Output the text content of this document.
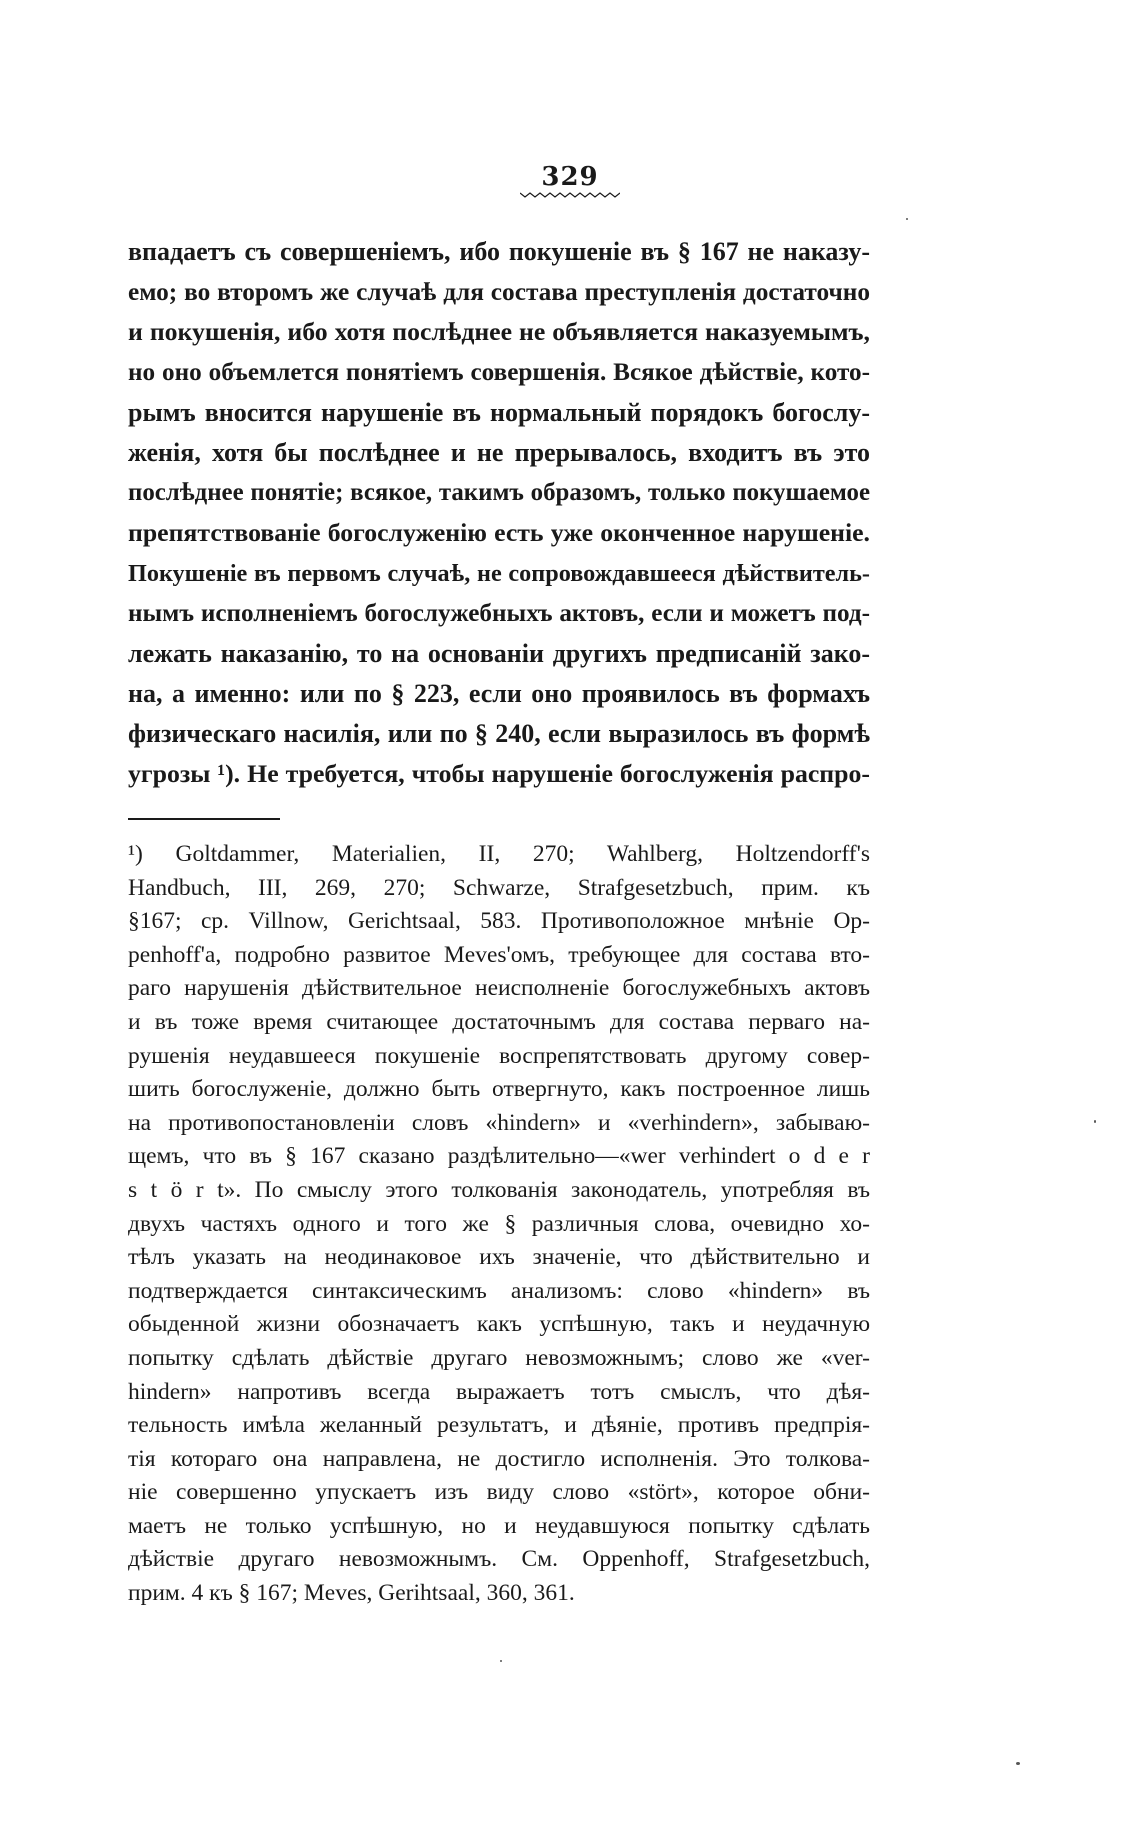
329
впадаетъ съ совершеніемъ, ибо покушеніе въ § 167 не наказу-
емо; во второмъ же случаѣ для состава преступленія достаточно
и покушенія, ибо хотя послѣднее не объявляется наказуемымъ,
но оно объемлется понятіемъ совершенія. Всякое дѣйствіе, кото-
рымъ вносится нарушеніе въ нормальный порядокъ богослу-
женія, хотя бы послѣднее и не прерывалось, входитъ въ это
послѣднее понятіе; всякое, такимъ образомъ, только покушаемое
препятствованіе богослуженію есть уже оконченное нарушеніе.
Покушеніе въ первомъ случаѣ, не сопровождавшееся дѣйствитель-
нымъ исполненіемъ богослужебныхъ актовъ, если и можетъ под-
лежать наказанію, то на основаніи другихъ предписаній зако-
на, а именно: или по § 223, если оно проявилось въ формахъ
физическаго насилія, или по § 240, если выразилось въ формѣ
угрозы ¹). Не требуется, чтобы нарушеніе богослуженія распро-
¹) Goltdammer, Materialien, II, 270; Wahlberg, Holtzendorff's
Handbuch, III, 269, 270; Schwarze, Strafgesetzbuch, прим. къ
§167; ср. Villnow, Gerichtsaal, 583. Противоположное мнѣніе Op-
penhoff'а, подробно развитое Meves'омъ, требующее для состава вто-
раго нарушенія дѣйствительное неисполненіе богослужебныхъ актовъ
и въ тоже время считающее достаточнымъ для состава перваго на-
рушенія неудавшееся покушеніе воспрепятствовать другому совер-
шить богослуженіе, должно быть отвергнуто, какъ построенное лишь
на противопостановленіи словъ «hindern» и «verhindern», забываю-
щемъ, что въ § 167 сказано раздѣлительно—«wer verhindert o d e r
s t ö r t». По смыслу этого толкованія законодатель, употребляя въ
двухъ частяхъ одного и того же § различныя слова, очевидно хо-
тѣлъ указать на неодинаковое ихъ значеніе, что дѣйствительно и
подтверждается синтаксическимъ анализомъ: слово «hindern» въ
обыденной жизни обозначаетъ какъ успѣшную, такъ и неудачную
попытку сдѣлать дѣйствіе другаго невозможнымъ; слово же «ver-
hindern» напротивъ всегда выражаетъ тотъ смыслъ, что дѣя-
тельность имѣла желанный результатъ, и дѣяніе, противъ предпрія-
тія котораго она направлена, не достигло исполненія. Это толкова-
ніе совершенно упускаетъ изъ виду слово «stört», которое обни-
маетъ не только успѣшную, но и неудавшуюся попытку сдѣлать
дѣйствіе другаго невозможнымъ. См. Oppenhoff, Strafgesetzbuch,
прим. 4 къ § 167; Meves, Gerihtsaal, 360, 361.
